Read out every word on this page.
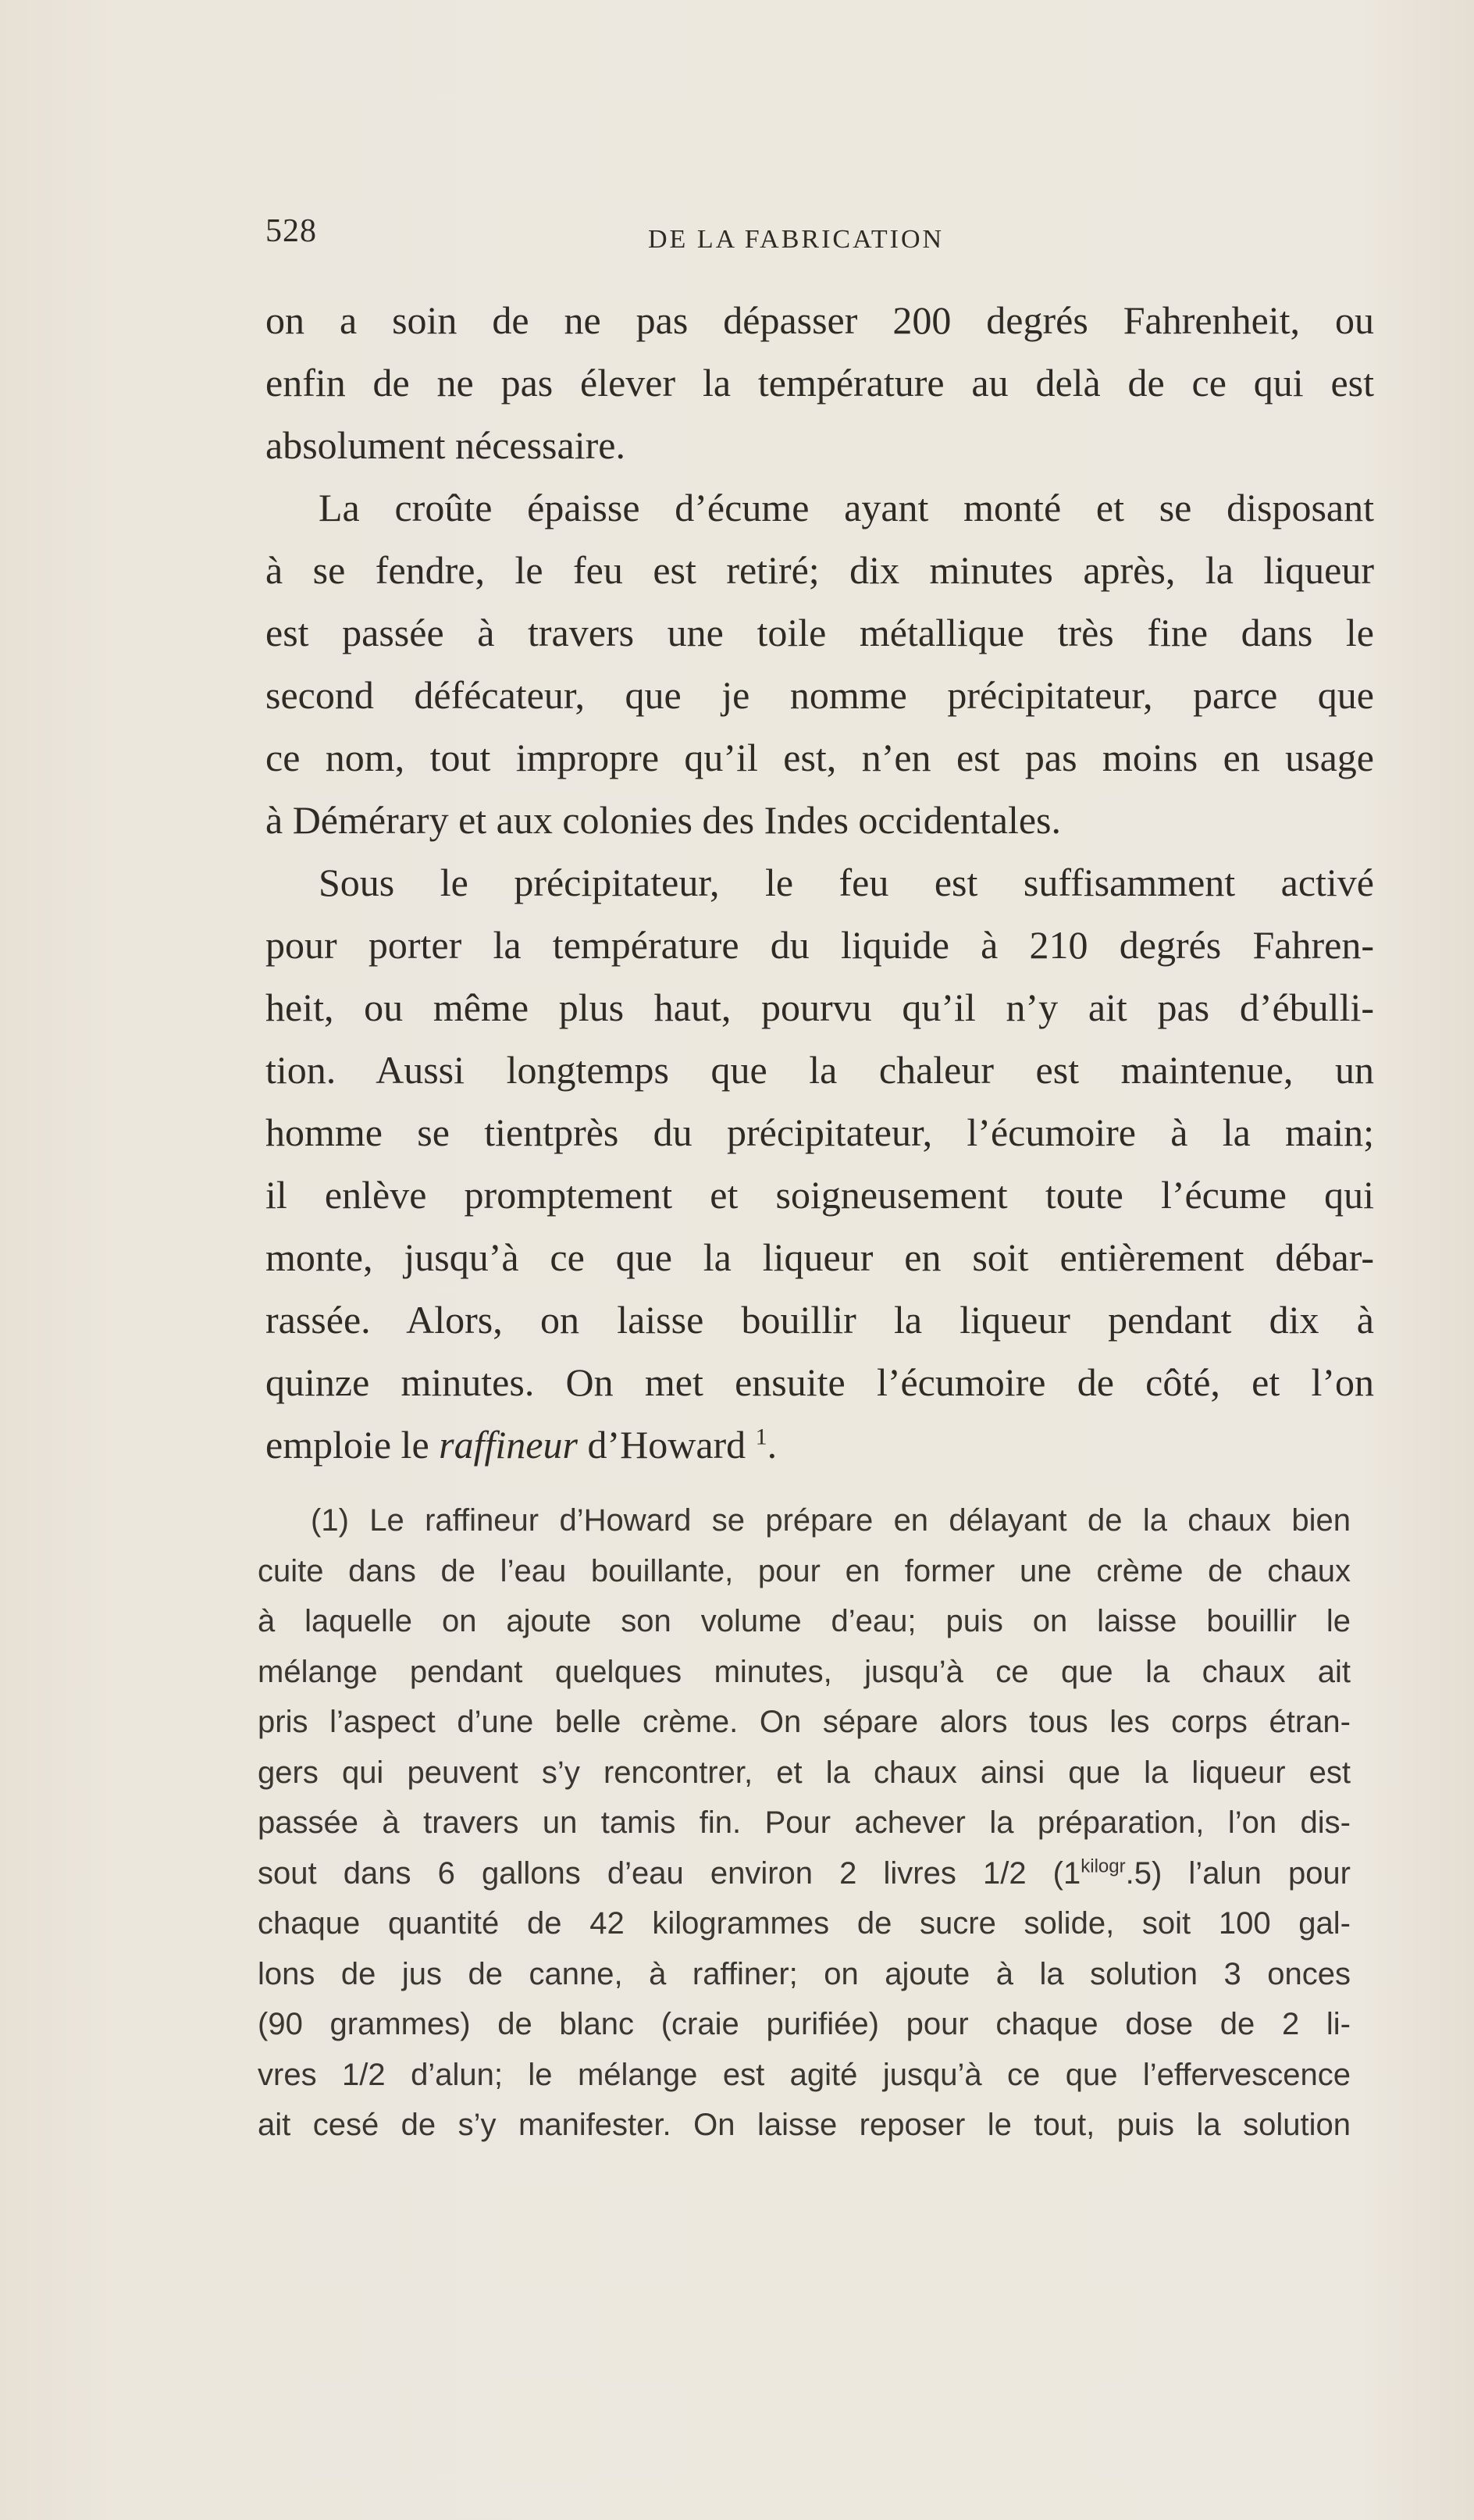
528	DE LA FABRICATION

on a soin de ne pas dépasser 200 degrés Fahrenheit, ou
enfin de ne pas élever la température au delà de ce qui est
absolument nécessaire.

La croûte épaisse d’écume ayant monté et se disposant
à se fendre, le feu est retiré; dix minutes après, la liqueur
est passée à travers une toile métallique très fine dans le
second défécateur, que je nomme précipitateur, parce que
ce nom, tout impropre qu’il est, n’en est pas moins en usage
à Démérary et aux colonies des Indes occidentales.

Sous le précipitateur, le feu est suffisamment activé
pour porter la température du liquide à 210 degrés Fahren-
heit, ou même plus haut, pourvu qu’il n’y ait pas d’ébulli-
tion. Aussi longtemps que la chaleur est maintenue, un
homme se tientprès du précipitateur, l’écumoire à la main;
il enlève promptement et soigneusement toute l’écume qui
monte, jusqu’à ce que la liqueur en soit entièrement débar-
rassée. Alors, on laisse bouillir la liqueur pendant dix à
quinze minutes. On met ensuite l’écumoire de côté, et l’on
emploie le raffineur d’Howard $^1$.

(1) Le raffineur d’Howard se prépare en délayant de la chaux bien
cuite dans de l’eau bouillante, pour en former une crème de chaux
à laquelle on ajoute son volume d’eau; puis on laisse bouillir le
mélange pendant quelques minutes, jusqu’à ce que la chaux ait
pris l’aspect d’une belle crème. On sépare alors tous les corps étran-
gers qui peuvent s’y rencontrer, et la chaux ainsi que la liqueur est
passée à travers un tamis fin. Pour achever la préparation, l’on dis-
sout dans 6 gallons d’eau environ 2 livres 1/2 $(1^{kilogr}.5)$ l’alun pour
chaque quantité de 42 kilogrammes de sucre solide, soit 100 gal-
lons de jus de canne, à raffiner; on ajoute à la solution 3 onces
(90 grammes) de blanc (craie purifiée) pour chaque dose de 2 li-
vres 1/2 d’alun; le mélange est agité jusqu’à ce que l’effervescence
ait cesé de s’y manifester. On laisse reposer le tout, puis la solution
